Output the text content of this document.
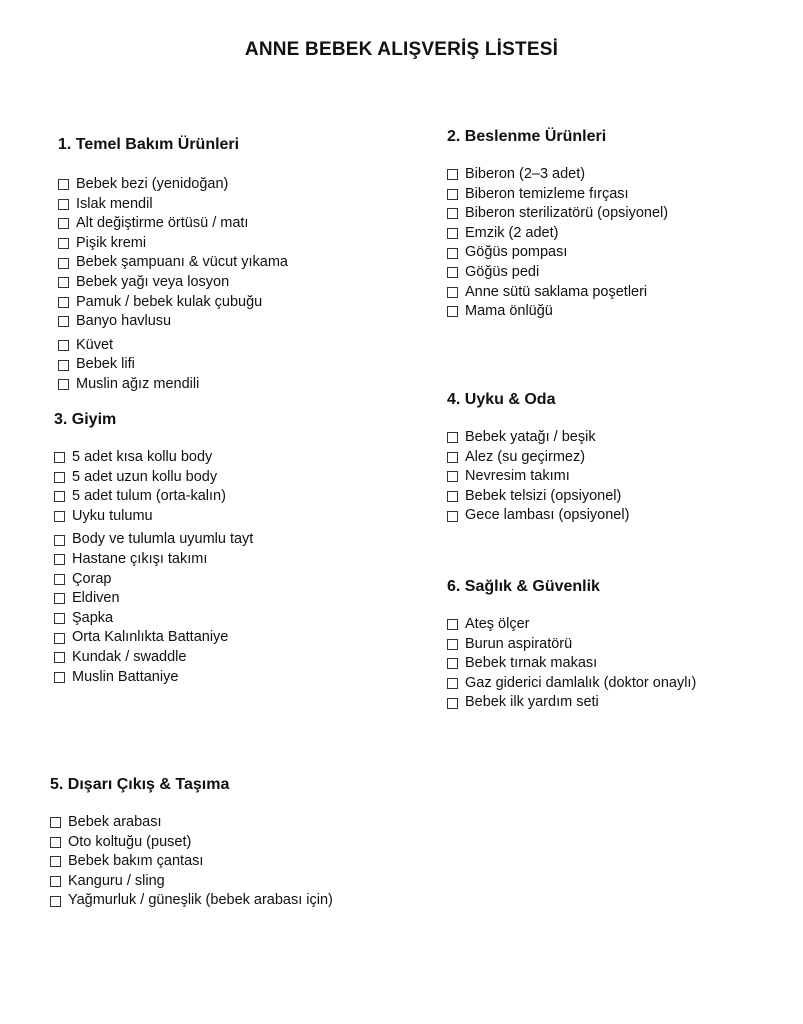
ANNE BEBEK ALIŞVERİŞ LİSTESİ
1. Temel Bakım Ürünleri
Bebek bezi (yenidoğan)
Islak mendil
Alt değiştirme örtüsü / matı
Pişik kremi
Bebek şampuanı & vücut yıkama
Bebek yağı veya losyon
Pamuk / bebek kulak çubuğu
Banyo havlusu
Küvet
Bebek lifi
Muslin ağız mendili
2. Beslenme Ürünleri
Biberon (2–3 adet)
Biberon temizleme fırçası
Biberon sterilizatörü (opsiyonel)
Emzik (2 adet)
Göğüs pompası
Göğüs pedi
Anne sütü saklama poşetleri
Mama önlüğü
3. Giyim
5 adet kısa kollu body
5 adet uzun kollu body
5 adet tulum (orta-kalın)
Uyku tulumu
Body ve tulumla uyumlu tayt
Hastane çıkışı takımı
Çorap
Eldiven
Şapka
Orta Kalınlıkta Battaniye
Kundak / swaddle
Muslin Battaniye
4. Uyku & Oda
Bebek yatağı / beşik
Alez (su geçirmez)
Nevresim takımı
Bebek telsizi (opsiyonel)
Gece lambası (opsiyonel)
5. Dışarı Çıkış & Taşıma
Bebek arabası
Oto koltuğu (puset)
Bebek bakım çantası
Kanguru / sling
Yağmurluk / güneşlik (bebek arabası için)
6. Sağlık & Güvenlik
Ateş ölçer
Burun aspiratörü
Bebek tırnak makası
Gaz giderici damlalık (doktor onaylı)
Bebek ilk yardım seti
